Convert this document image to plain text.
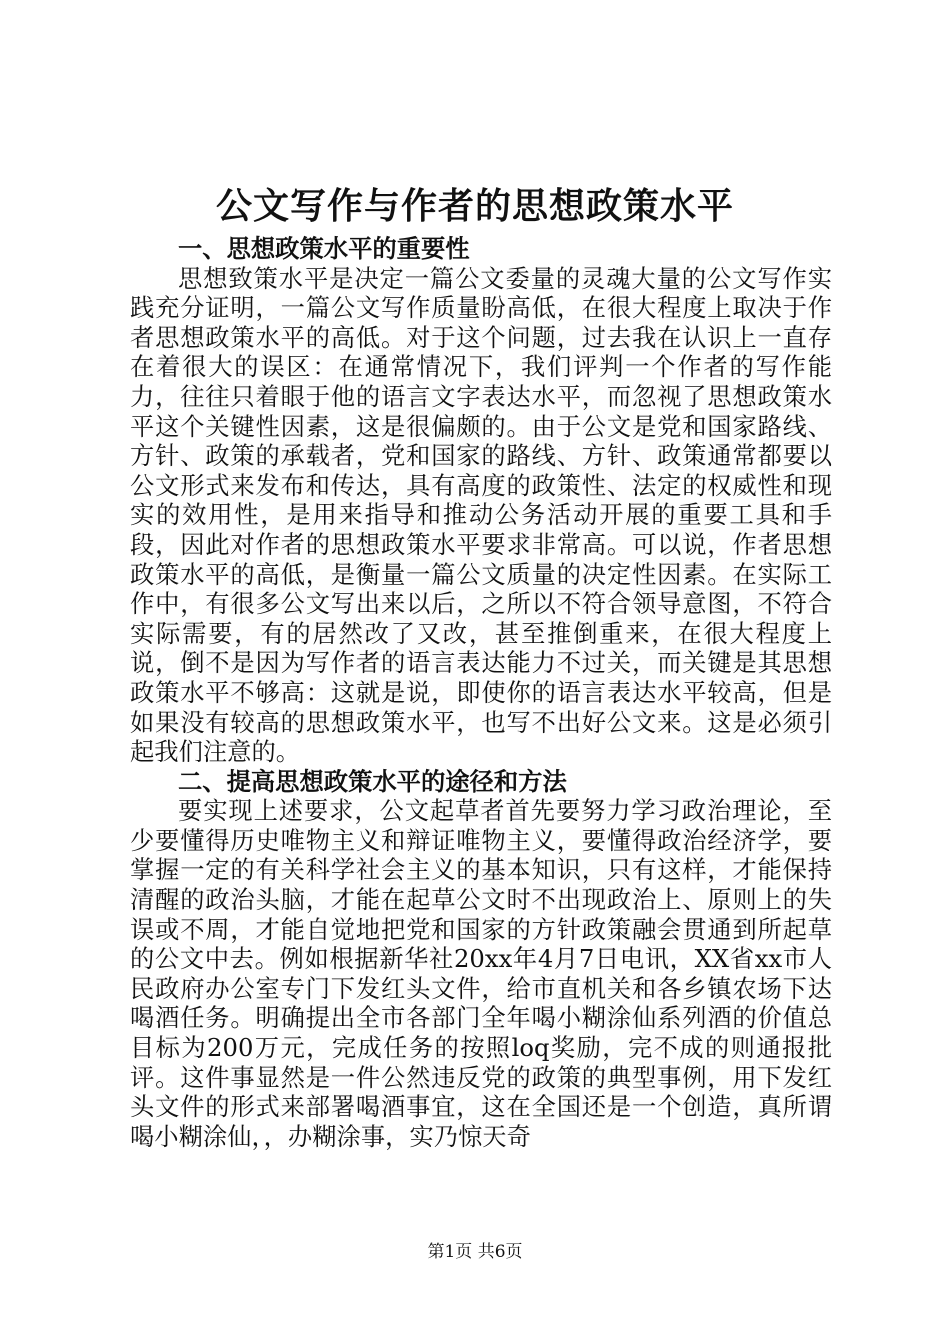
公文写作与作者的思想政策水平

一、思想政策水平的重要性

思想致策水平是决定一篇公文委量的灵魂大量的公文写作实践充分证明，一篇公文写作质量盼高低，在很大程度上取决于作者思想政策水平的高低。对于这个问题，过去我在认识上一直存在着很大的误区：在通常情况下，我们评判一个作者的写作能力，往往只着眼于他的语言文字表达水平，而忽视了思想政策水平这个关键性因素，这是很偏颇的。由于公文是党和国家路线、方针、政策的承载者，党和国家的路线、方针、政策通常都要以公文形式来发布和传达，具有高度的政策性、法定的权威性和现实的效用性，是用来指导和推动公务活动开展的重要工具和手段，因此对作者的思想政策水平要求非常高。可以说，作者思想政策水平的高低，是衡量一篇公文质量的决定性因素。在实际工作中，有很多公文写出来以后，之所以不符合领导意图，不符合实际需要，有的居然改了又改，甚至推倒重来，在很大程度上说，倒不是因为写作者的语言表达能力不过关，而关键是其思想政策水平不够高：这就是说，即使你的语言表达水平较高，但是如果没有较高的思想政策水平，也写不出好公文来。这是必须引起我们注意的。

二、提高思想政策水平的途径和方法

要实现上述要求，公文起草者首先要努力学习政治理论，至少要懂得历史唯物主义和辩证唯物主义，要懂得政治经济学，要掌握一定的有关科学社会主义的基本知识，只有这样，才能保持清醒的政治头脑，才能在起草公文时不出现政治上、原则上的失误或不周，才能自觉地把党和国家的方针政策融会贯通到所起草的公文中去。例如根据新华社20xx年4月7日电讯，XX省xx市人民政府办公室专门下发红头文件，给市直机关和各乡镇农场下达喝酒任务。明确提出全市各部门全年喝小糊涂仙系列酒的价值总目标为200万元，完成任务的按照loq奖励，完不成的则通报批评。这件事显然是一件公然违反党的政策的典型事例，用下发红头文件的形式来部署喝酒事宜，这在全国还是一个创造，真所谓喝小糊涂仙，，办糊涂事，实乃惊天奇

第1页 共6页
